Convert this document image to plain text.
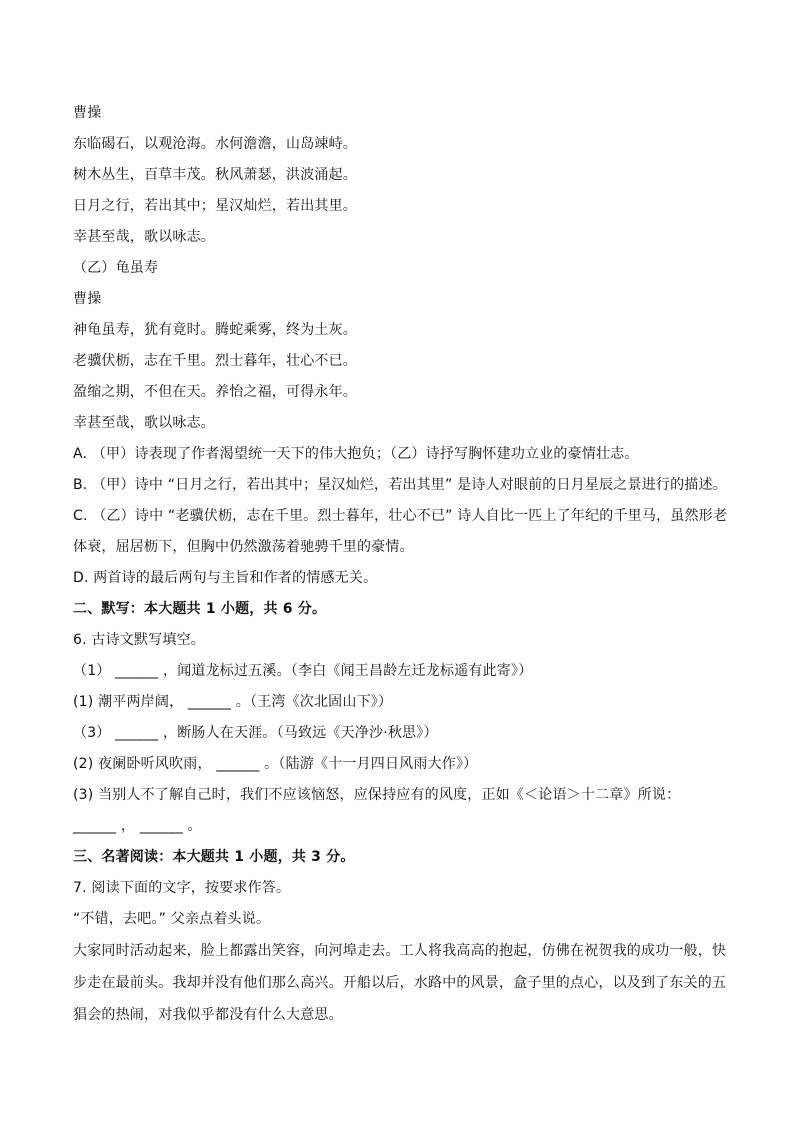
曹操
东临碣石，以观沧海。水何澹澹，山岛竦峙。
树木丛生，百草丰茂。秋风萧瑟，洪波涌起。
日月之行，若出其中；星汉灿烂，若出其里。
幸甚至哉，歌以咏志。
（乙）龟虽寿
曹操
神龟虽寿，犹有竟时。腾蛇乘雾，终为土灰。
老骥伏枥，志在千里。烈士暮年，壮心不已。
盈缩之期，不但在天。养怡之福，可得永年。
幸甚至哉，歌以咏志。
A. （甲）诗表现了作者渴望统一天下的伟大抱负；（乙）诗抒写胸怀建功立业的豪情壮志。
B. （甲）诗中 “日月之行，若出其中；星汉灿烂，若出其里” 是诗人对眼前的日月星辰之景进行的描述。
C. （乙）诗中 “老骥伏枥，志在千里。烈士暮年，壮心不已” 诗人自比一匹上了年纪的千里马，虽然形老
体衰，屈居枥下，但胸中仍然激荡着驰骋千里的豪情。
D. 两首诗的最后两句与主旨和作者的情感无关。
二、默写：本大题共 1 小题，共 6 分。
6. 古诗文默写填空。
（1） ______ ，闻道龙标过五溪。（李白《闻王昌龄左迁龙标遥有此寄》）
(1) 潮平两岸阔， ______ 。（王湾《次北固山下》）
（3） ______ ，断肠人在天涯。（马致远《天净沙·秋思》）
(2) 夜阑卧听风吹雨， ______ 。（陆游《十一月四日风雨大作》）
(3) 当别人不了解自己时，我们不应该恼怒，应保持应有的风度，正如《＜论语＞十二章》所说：
______ ， ______ 。
三、名著阅读：本大题共 1 小题，共 3 分。
7. 阅读下面的文字，按要求作答。
“不错，去吧。” 父亲点着头说。
大家同时活动起来，脸上都露出笑容，向河埠走去。工人将我高高的抱起，仿佛在祝贺我的成功一般，快
步走在最前头。我却并没有他们那么高兴。开船以后，水路中的风景，盒子里的点心，以及到了东关的五
猖会的热闹，对我似乎都没有什么大意思。
